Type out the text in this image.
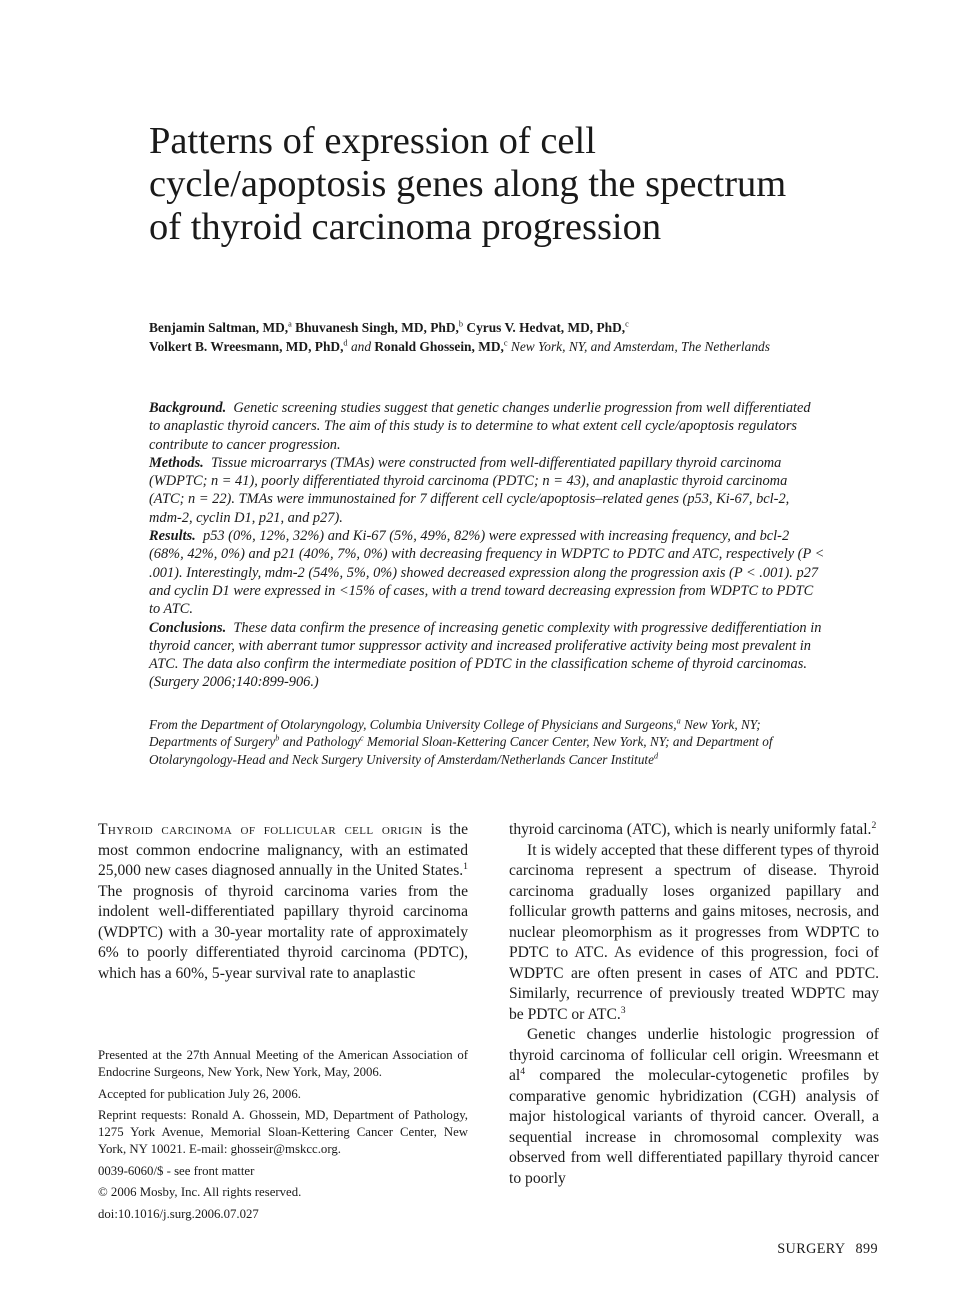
Patterns of expression of cell cycle/apoptosis genes along the spectrum of thyroid carcinoma progression
Benjamin Saltman, MD,$^a$ Bhuvanesh Singh, MD, PhD,$^b$ Cyrus V. Hedvat, MD, PhD,$^c$
Volkert B. Wreesmann, MD, PhD,$^d$ and Ronald Ghossein, MD,$^c$ New York, NY, and Amsterdam, The Netherlands

Background. Genetic screening studies suggest that genetic changes underlie progression from well differentiated to anaplastic thyroid cancers. The aim of this study is to determine to what extent cell cycle/apoptosis regulators contribute to cancer progression.

Methods. Tissue microarrarys (TMAs) were constructed from well-differentiated papillary thyroid carcinoma (WDPTC; n = 41), poorly differentiated thyroid carcinoma (PDTC; n = 43), and anaplastic thyroid carcinoma (ATC; n = 22). TMAs were immunostained for 7 different cell cycle/apoptosis–related genes (p53, Ki-67, bcl-2, mdm-2, cyclin D1, p21, and p27).

Results. p53 (0%, 12%, 32%) and Ki-67 (5%, 49%, 82%) were expressed with increasing frequency, and bcl-2 (68%, 42%, 0%) and p21 (40%, 7%, 0%) with decreasing frequency in WDPTC to PDTC and ATC, respectively (P < .001). Interestingly, mdm-2 (54%, 5%, 0%) showed decreased expression along the progression axis (P < .001). p27 and cyclin D1 were expressed in <15% of cases, with a trend toward decreasing expression from WDPTC to PDTC to ATC.

Conclusions. These data confirm the presence of increasing genetic complexity with progressive dedifferentiation in thyroid cancer, with aberrant tumor suppressor activity and increased proliferative activity being most prevalent in ATC. The data also confirm the intermediate position of PDTC in the classification scheme of thyroid carcinomas. (Surgery 2006;140:899-906.)

From the Department of Otolaryngology, Columbia University College of Physicians and Surgeons,$^a$ New York, NY; Departments of Surgery$^b$ and Pathology$^c$ Memorial Sloan-Kettering Cancer Center, New York, NY; and Department of Otolaryngology-Head and Neck Surgery University of Amsterdam/Netherlands Cancer Institute$^d$

Thyroid carcinoma of follicular cell origin is the most common endocrine malignancy, with an estimated 25,000 new cases diagnosed annually in the United States.$^1$ The prognosis of thyroid carcinoma varies from the indolent well-differentiated papillary thyroid carcinoma (WDPTC) with a 30-year mortality rate of approximately 6% to poorly differentiated thyroid carcinoma (PDTC), which has a 60%, 5-year survival rate to anaplastic

Presented at the 27th Annual Meeting of the American Association of Endocrine Surgeons, New York, New York, May, 2006.

Accepted for publication July 26, 2006.

Reprint requests: Ronald A. Ghossein, MD, Department of Pathology, 1275 York Avenue, Memorial Sloan-Kettering Cancer Center, New York, NY 10021. E-mail: ghosseir@mskcc.org.

0039-6060/$ - see front matter

© 2006 Mosby, Inc. All rights reserved.

doi:10.1016/j.surg.2006.07.027

thyroid carcinoma (ATC), which is nearly uniformly fatal.$^2$

It is widely accepted that these different types of thyroid carcinoma represent a spectrum of disease. Thyroid carcinoma gradually loses organized papillary and follicular growth patterns and gains mitoses, necrosis, and nuclear pleomorphism as it progresses from WDPTC to PDTC to ATC. As evidence of this progression, foci of WDPTC are often present in cases of ATC and PDTC. Similarly, recurrence of previously treated WDPTC may be PDTC or ATC.$^3$

Genetic changes underlie histologic progression of thyroid carcinoma of follicular cell origin. Wreesmann et $al^4$ compared the molecular-cytogenetic profiles by comparative genomic hybridization (CGH) analysis of major histological variants of thyroid cancer. Overall, a sequential increase in chromosomal complexity was observed from well differentiated papillary thyroid cancer to poorly

SURGERY 899
